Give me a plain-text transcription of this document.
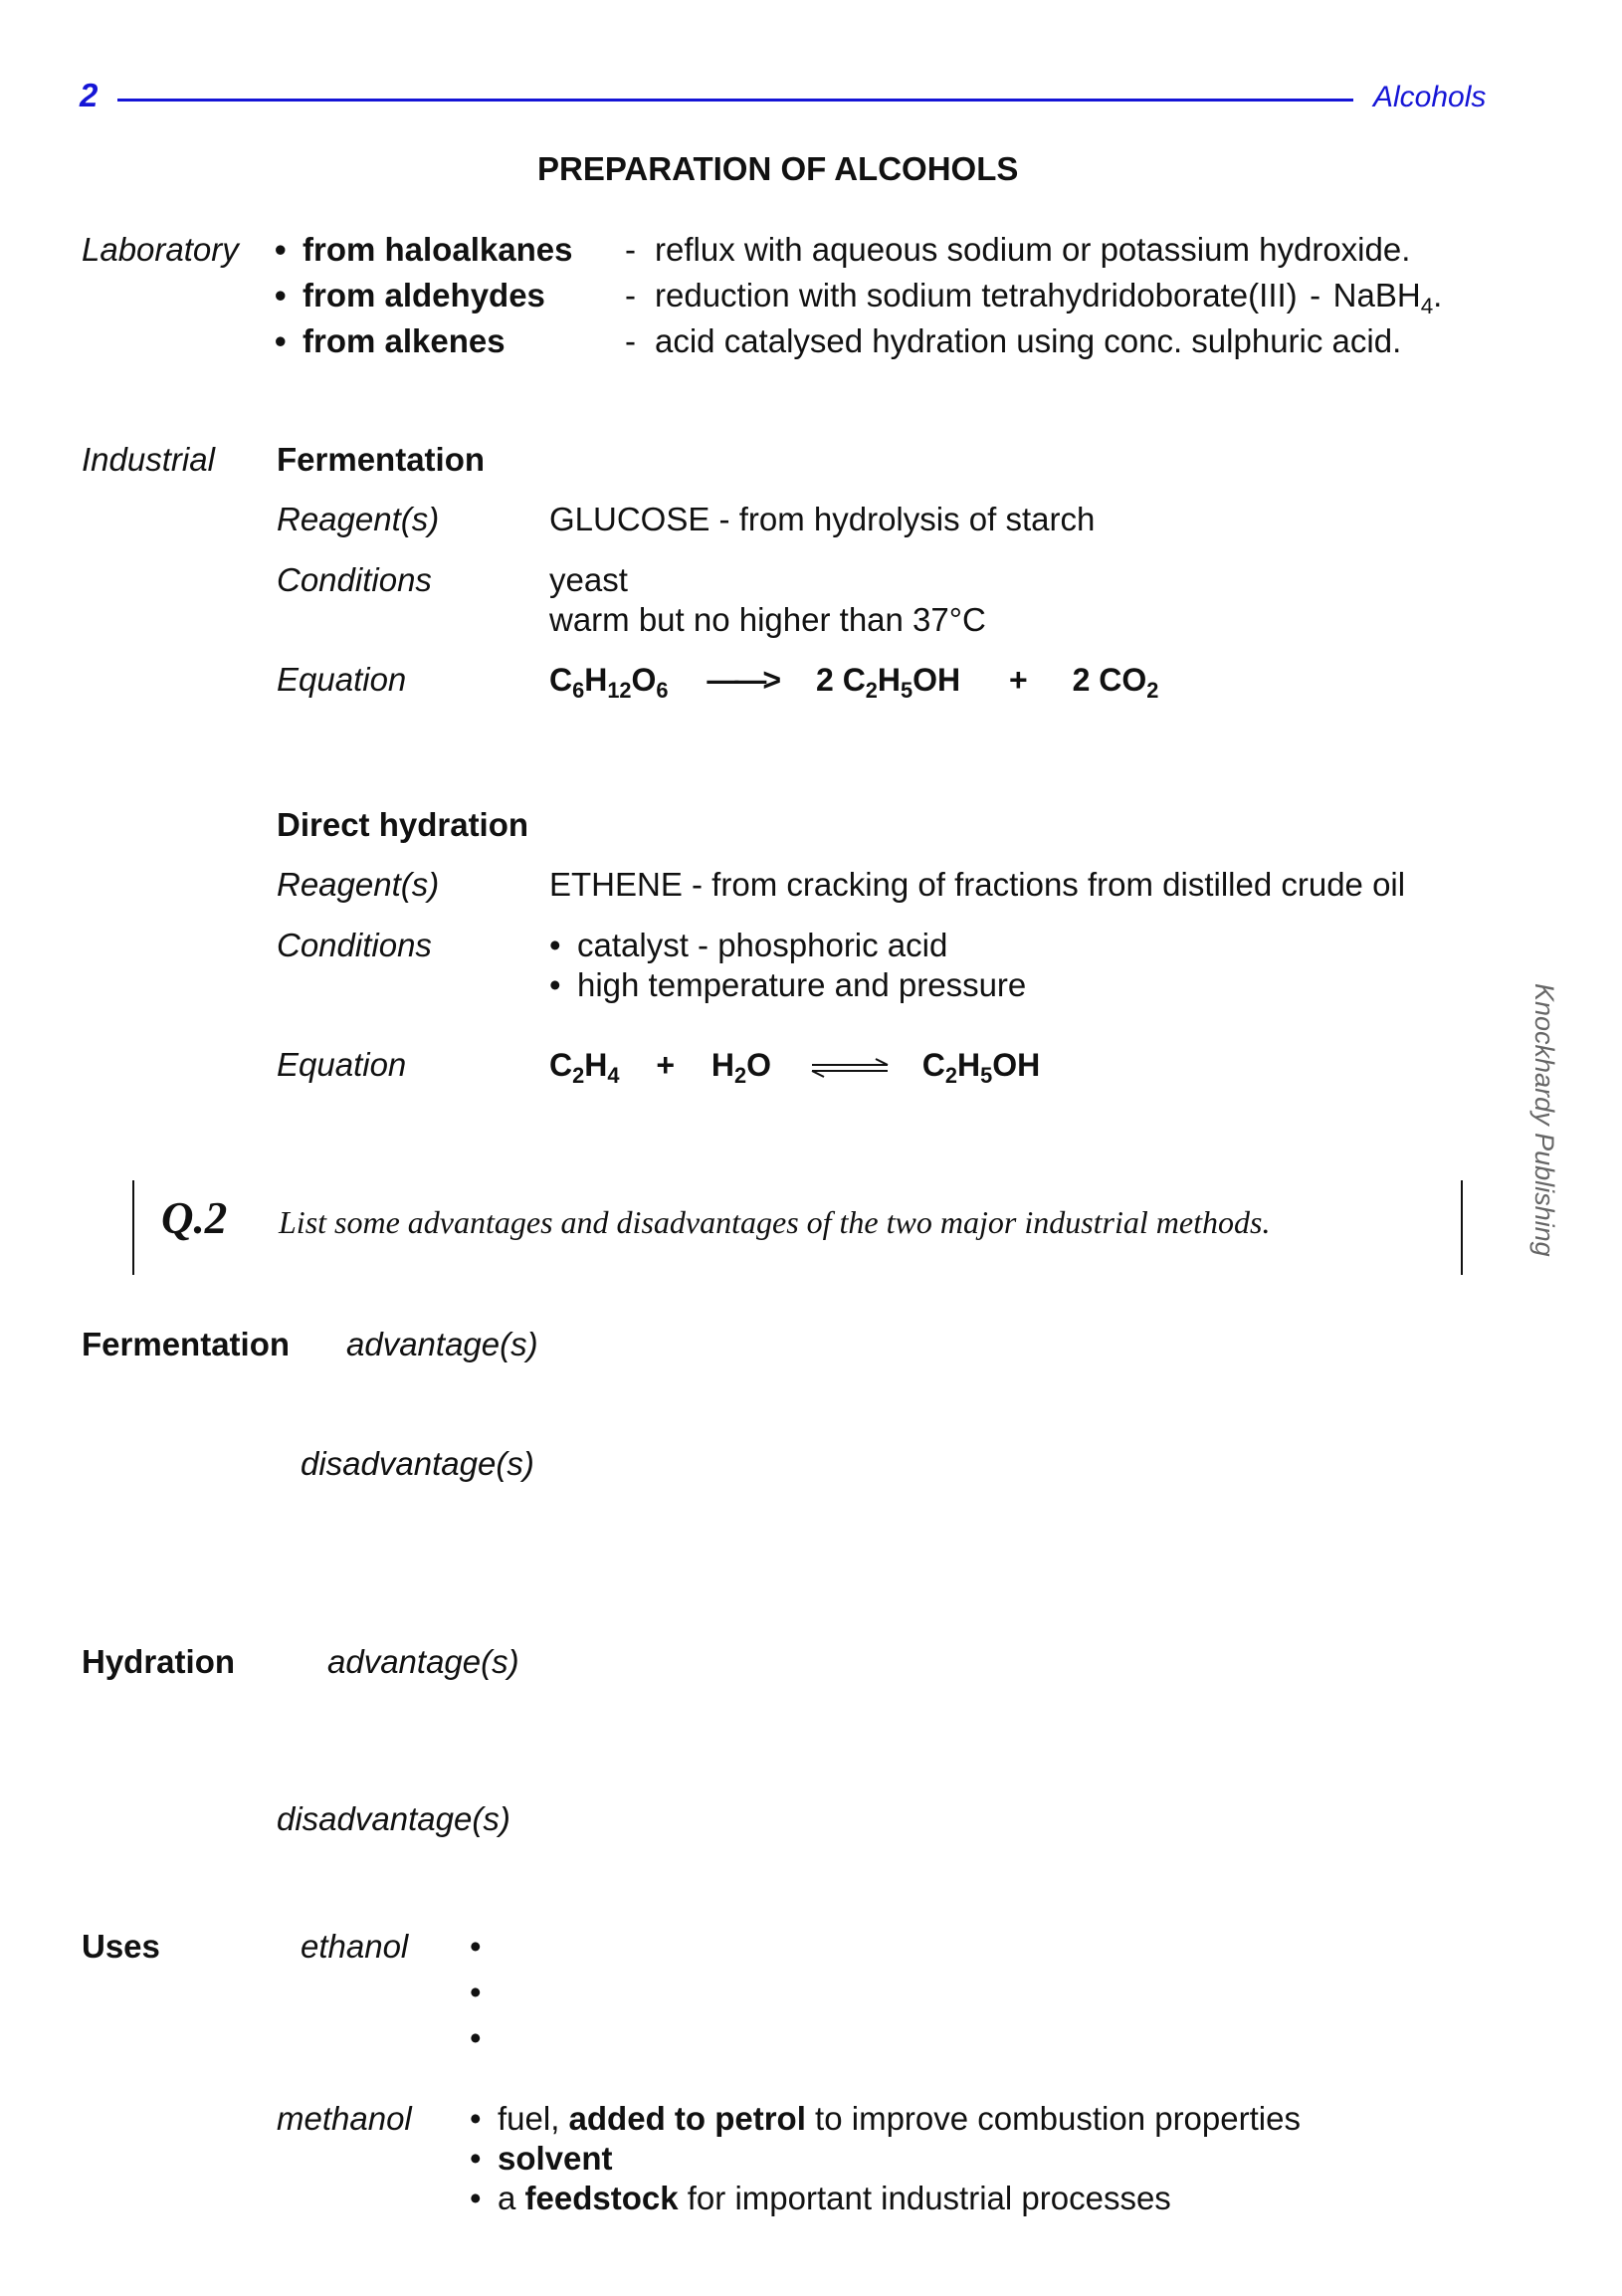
2	Alcohols
PREPARATION OF ALCOHOLS
Laboratory • from haloalkanes - reflux with aqueous sodium or potassium hydroxide.
• from aldehydes - reduction with sodium tetrahydridoborate(III) - NaBH$_4$.
• from alkenes	- acid catalysed hydration using conc. sulphuric acid.
Industrial Fermentation
Reagent(s)	GLUCOSE - from hydrolysis of starch
Conditions	yeast
warm but no higher than 37°C
Equation	$C_6H_{12}O_6$ ——> 2 $C_2H_5OH + 2$ $CO_2$
Direct hydration
Reagent(s)	ETHENE - from cracking of fractions from distilled crude oil
Conditions	• catalyst - phosphoric acid
• high temperature and pressure
Equation	$C_2H_4 + H_2O$ ⇌ $C_2H_5OH$
Q.2 List some advantages and disadvantages of the two major industrial methods.
Fermentation advantage(s)
disadvantage(s)
Hydration	advantage(s)
disadvantage(s)
Uses	ethanol •
•
•
methanol • fuel, added to petrol to improve combustion properties
• solvent
• a feedstock for important industrial processes
Knockhardy Publishing
